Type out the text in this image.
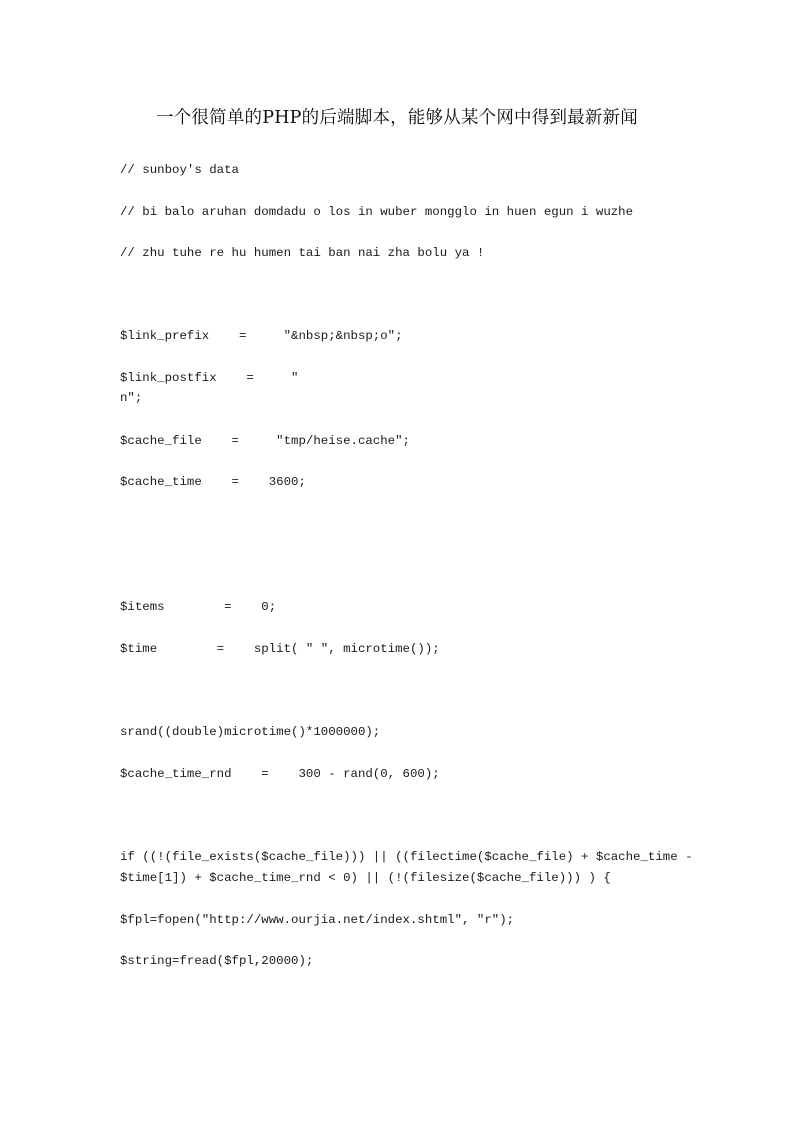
一个很简单的PHP的后端脚本，能够从某个网中得到最新新闻
// sunboy's data
// bi balo aruhan domdadu o los in wuber mongglo in huen egun i wuzhe
// zhu tuhe re hu humen tai ban nai zha bolu ya !
$link_prefix    =     "&nbsp;&nbsp;o";
$link_postfix    =     "
n";
$cache_file    =     "tmp/heise.cache";
$cache_time    =    3600;
$items        =    0;
$time        =    split( " ", microtime());
srand((double)microtime()*1000000);
$cache_time_rnd    =    300 - rand(0, 600);
if ((!(file_exists($cache_file))) || ((filectime($cache_file) + $cache_time -
$time[1]) + $cache_time_rnd < 0) || (!(filesize($cache_file))) ) {
$fpl=fopen("http://www.ourjia.net/index.shtml", "r");
$string=fread($fpl,20000);
